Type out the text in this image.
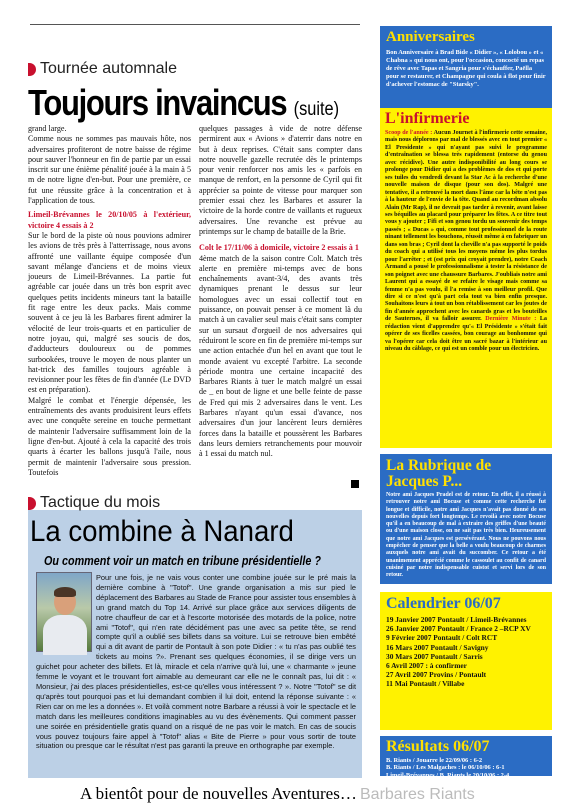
Tournée automnale
Toujours invaincus (suite)

grand large.

Comme nous ne sommes pas mauvais hôte, nos adversaires profiteront de notre baisse de régime pour sauver l'honneur en fin de partie par un essai inscrit sur une énième pénalité jouée à la main à 5 m de notre ligne d'en-but. Pour une première, ce fut une réussite grâce à la concentration et à l'application de tous.

Limeil-Brévannes le 20/10/05 à l'extérieur, victoire 4 essais à 2

Sur le bord de la piste où nous pouvions admirer les avions de très près à l'atterrissage, nous avons affronté une vaillante équipe composée d'un savant mélange d'anciens et de moins vieux joueurs de Limeil-Brévannes. La partie fut agréable car jouée dans un très bon esprit avec quelques petits incidents mineurs tant la bataille fit rage entre les deux packs. Mais comme souvent à ce jeu là les Barbares firent admirer la vélocité de leur trois-quarts et en particulier de notre joyau, qui, malgré ses soucis de dos, d'adducteurs douloureux ou de pommes surbookées, trouve le moyen de nous planter un hat-trick des familles toujours agréable à revisionner pour les fêtes de fin d'année (Le DVD est en préparation).

Malgré le combat et l'énergie dépensée, les entraînements des avants produisirent leurs effets avec une conquête sereine en touche permettant de maintenir l'adversaire suffisamment loin de la ligne d'en-but. Ajouté à cela la capacité des trois quarts à écarter les ballons jusqu'à l'aile, nous permit de maintenir l'adversaire sous pression. Toutefois

quelques passages à vide de notre défense permirent aux « Avions » d'aterrir dans notre en but à deux reprises. C'était sans compter dans notre nouvelle gazelle recrutée dès le printemps pour venir renforcer nos amis les « parfois en manque de renfort, en la personne de Cyril qui fit apprécier sa pointe de vitesse pour marquer son premier essai chez les Barbares et assurer la victoire de la horde contre de vaillants et rugueux adversaires. Une revanche est prévue au printemps sur le champ de bataille de la Brie.

Colt le 17/11/06 à domicile, victoire 2 essais à 1

4ème match de la saison contre Colt. Match très alerte en première mi-temps avec de bons enchaînements avant-3/4, des avants très dynamiques prenant le dessus sur leur homologues avec un essai collectif tout en puissance, on pouvait penser à ce moment là du match à un cavalier seul mais c'était sans compter sur un sursaut d'orgueil de nos adversaires qui réduiront le score en fin de première mi-temps sur une action entachée d'un hel en avant que tout le monde avaient vu excepté l'arbitre. La seconde période montra une certaine incapacité des Barbares Riants à tuer le match malgré un essai de _ en bout de ligne et une belle feinte de passe de Fred qui mis 2 adversaires dans le vent. Les Barbares n'ayant qu'un essai d'avance, nos adversaires d'un jour lancèrent leurs dernières forces dans la bataille et poussèrent les Barbares dans leurs derniers retranchements pour mouvoir à 1 essai du match nul.

Tactique du mois
La combine à Nanard
Ou comment voir un match en tribune présidentielle ?
Pour une fois, je ne vais vous conter une combine jouée sur le pré mais la dernière combine à "Totof". Une grande organisation a mis sur pied le déplacement des Barbares au Stade de France pour assister tous ensembles à un grand match du Top 14. Arrivé sur place grâce aux services diligents de notre chauffeur de car et à l'escorte motorisée des motards de la police, notre ami "Totof", qui n'en rate décidément pas une avec sa petite tête, se rend compte qu'il a oublié ses billets dans sa voiture. Lui se retrouve bien embêté qui a dit avant de partir de Pontault à son pote Didier : « tu n'as pas oublié tes tickets au moins ?». Prenant ses quelques économies, il se dirige vers un guichet pour acheter des billets. Et là, miracle et cela n'arrive qu'à lui, une « charmante » jeune femme le voyant et le trouvant fort aimable au demeurant car elle ne le connaît pas, lui dit : « Monsieur, j'ai des places présidentielles, est-ce qu'elles vous intéressent ? ». Notre "Totof" se dit qu'après tout pourquoi pas et lui demandant combien il lui doit, entend la réponse suivante : « Rien car on me les a données ». Et voilà comment notre Barbare a réussi à voir le spectacle et le match dans les meilleures conditions imaginables au vu des évènements. Qui comment passer une soirée en présidentielle gratis quand on a risqué de ne pas voir le match. En cas de soucis vous pouvez toujours faire appel à "Totof" alias « Bite de Pierre » pour vous sortir de toute situation ou presque car le résultat n'est pas garanti la preuve en orthographe par exemple.
A bientôt pour de nouvelles Aventures… Barbares Riants
Anniversaires
Bon Anniversaire à Brad Bide « Didier », « Lolobou » et « Chabna » qui nous ont, pour l'occasion, concocté un repas de rêve avec Tapas et Sangria pour s'échauffer, Paëlla pour se restaurer, et Champagne qui coula à flot pour finir d'achever l'estomac de "Starsky".
L'infirmerie
Scoop de l'année : Aucun Journet à l'infirmerie cette semaine, mais nous déplorons par mal de blessés avec en tout premier « El Presidente » qui n'ayant pas suivi le programme d'entraînation se blessa très rapidement (entorse du genou avec récidive). Une autre indisponibilité au long cours se prolonge pour Didier qui a des problèmes de dos et qui porte ses tuiles du vendredi devant la Star Ac à la recherche d'une nouvelle maison de disque (pour son dos). Malgré une tentative, il a retrouvé la mort dans l'âme car la bête n'est pas à la hauteur de l'envie de la tête. Quand au recordman absolu Alain (Mr Rap), il ne devrait pas tarder à revenir, avant laisse ses béquilles au placard pour préparer les fêtes. A ce titre tout vous y ajouter ; Fifi et son genou tordu un souvenir des temps passés ; « Ducas » qui, comme tout professionnel de la route ninant tellement les bouchons, réussit même à en fabriquer un dans son bras ; Cyril dont la cheville n'a pas supporté le poids du coach qui a utilisé tous les moyens même les plus tordus pour l'arrêter ; et (est prix qui croyait prendre), notre Coach Armand a pousé le professionnalisme à tester la résistance de son poignet avec une chaussure Barbares. J'oubliais notre ami Laurent qui a essayé de se refaire le visage mais comme sa femme n'a pas voulu, il l'a remise à son meilleur profil. Que dire si ce n'est qu'à part cela tout va bien enfin presque. Souhaitons leurs à tout un bon rétablissement car les joutes de fin d'année approchent avec les canards gras et les bouteilles de Sauternes, il va falloir assurer. Dernière Minute : La rédaction vient d'apprendre qu'« El Présidente » s'était fait opérer de ses ficelles cassées, bon courage au bonhomme qui va l'opérer car cela doit être un sacré bazar à l'intérieur au niveau du câblage, ce qui est un comble pour un électricien.
La Rubrique de Jacques P...
Notre ami Jacques Pradel est de retour. En effet, il a réussi à retrouver notre ami Bocuse et comme cette recherche fut longue et difficile, notre ami Jacques n'avait pas donné de ses nouvelles depuis fort longtemps. Le revoilà avec notre Bocuse qu'il a en beaucoup de mal à extraire des griffes d'une beauté ou d'une maison close, on ne sait pas très bien. Heureusement que notre ami Jacques est persévérant. Nous ne pouvons nous empêcher de penser que la belle a voulu beaucoup de charmes auxquels notre ami avait du succomber. Ce retour a été unanimement apprécié comme le cassoulet au confit de canard cuisiné par notre indispensable cuistot et servi lors de son retour.
Calendrier 06/07
19 Janvier 2007 Pontault / Limeil-Brévannes
26 Janvier 2007 Pontault / France 2 –RCP XV
9 Février 2007 Pontault / Colt RCT
16 Mars 2007 Pontault / Savigny
30 Mars 2007 Pontault / Sarris
6 Avril 2007 : à confirmer
27 Avril 2007 Provins / Pontault
11 Mai Pontault / Villabe
Résultats 06/07
B. Riants / Jouarre le 22/09/06 : 6-2
B. Riants / Les Malgaches : le 06/10/06 : 6-1
Limeil-Brévannes / B. Riants le 20/10/06 : 2-4
Barbares Riants / Colt le 17/11/06 : 2-1
